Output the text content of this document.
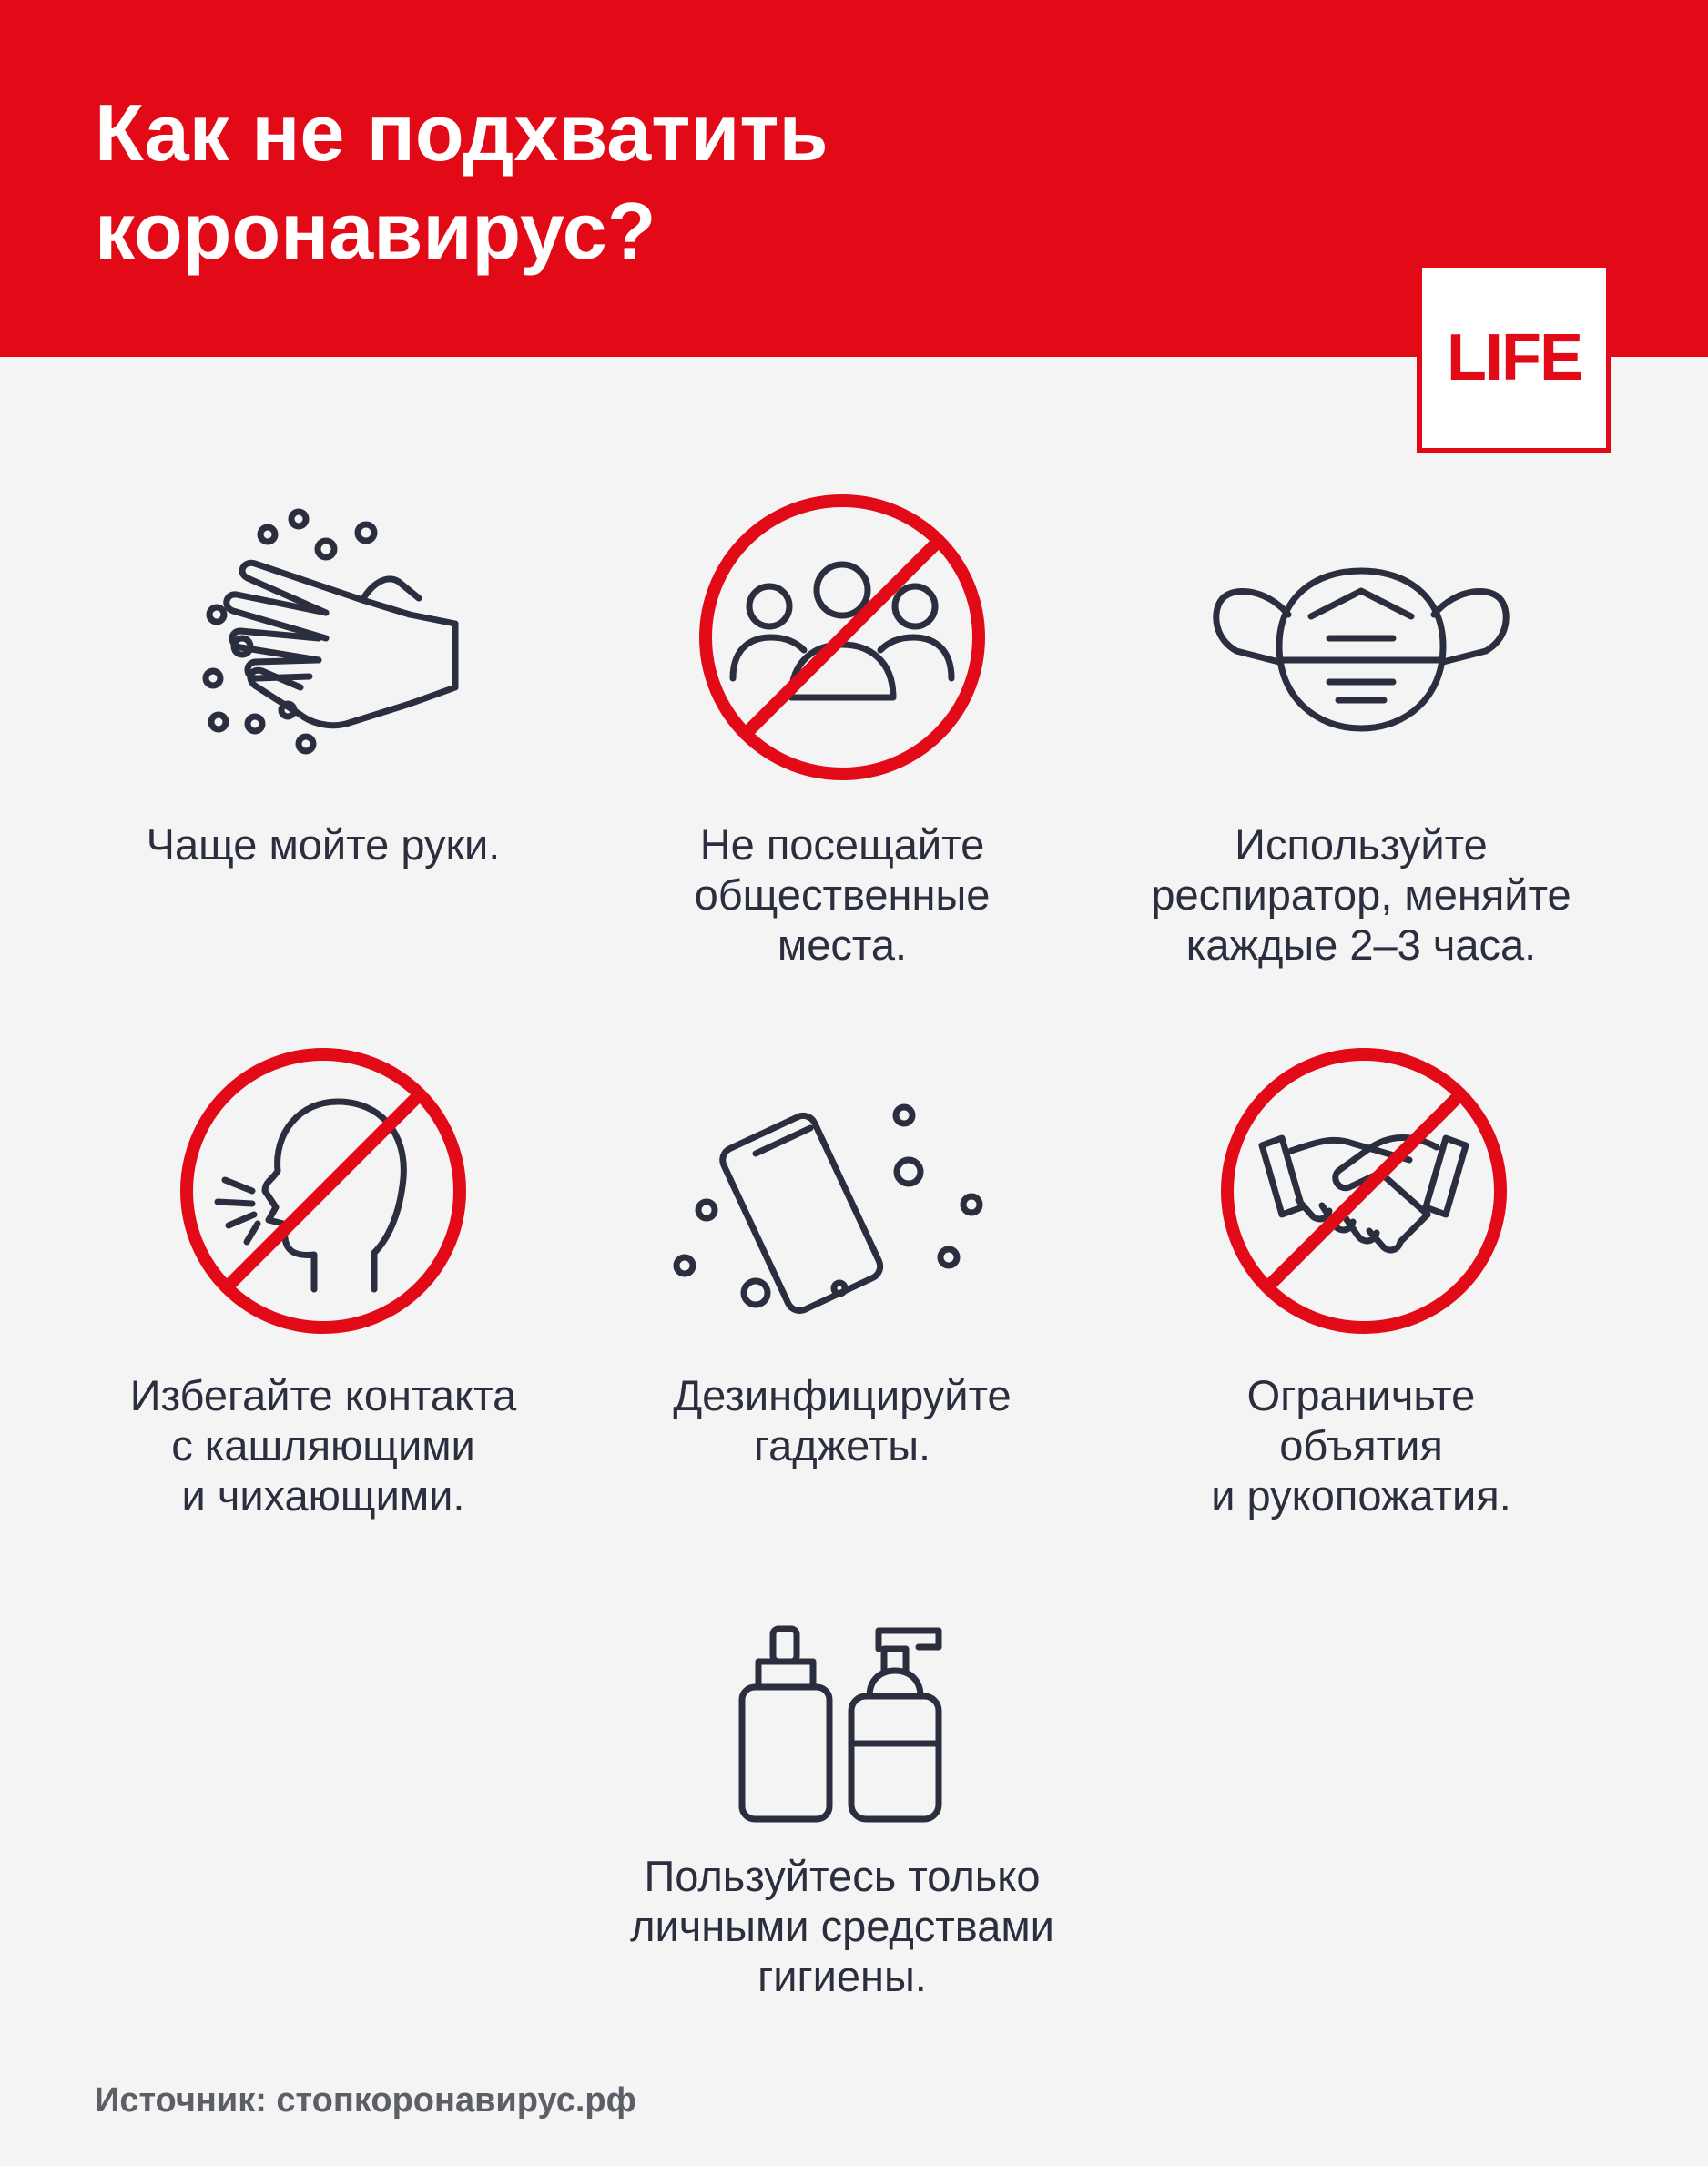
Как не подхватить
коронавирус?
LIFE
Чаще мойте руки.	Не посещайте
общественные
места.
Используйте
респиратор, меняйте
каждые 2–3 часа.
Избегайте контакта
с кашляющими
и чихающими.
Дезинфицируйте
гаджеты.
Ограничьте
объятия
и рукопожатия.
Пользуйтесь только
личными средствами
гигиены.
Источник: стопкоронавирус.рф
